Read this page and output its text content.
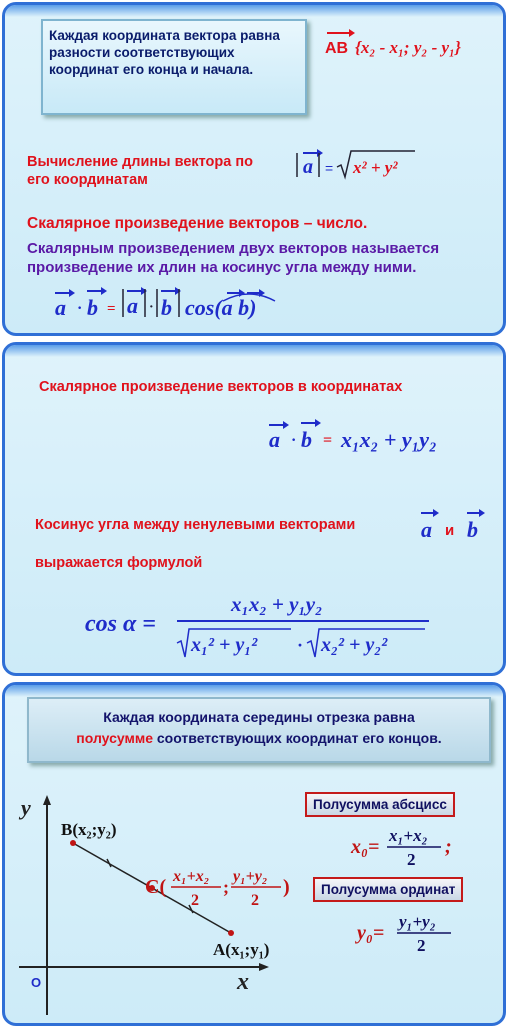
Каждая координата вектора равна разности соответствующих координат его конца и начала.
AB {x₂ - x₁; y₂ - y₁}
Вычисление длины вектора по его координатам
a = x² + y²
Скалярное произведение векторов – число.
Скалярным произведением двух векторов называется произведение их длин на косинус угла между ними.
a · b = a · b cos(a b)
Скалярное произведение векторов в координатах
a · b = x₁x₂ + y₁y₂
Косинус угла между ненулевыми векторами	a и b
выражается формулой
cos α =
x₁x₂ + y₁y₂
x₁² + y₁² · x₂² + y₂²
Каждая координата середины отрезка равна
полусумме соответствующих координат его концов.
Полусумма абсцисс
Полусумма ординат
x₀=
x₁+x₂
2
;
y₀=
y₁+y₂
2
y
x
O
B(x₂;y₂)
A(x₁;y₁)
C( x₁+x₂
2
;
y₁+y₂
2
)
